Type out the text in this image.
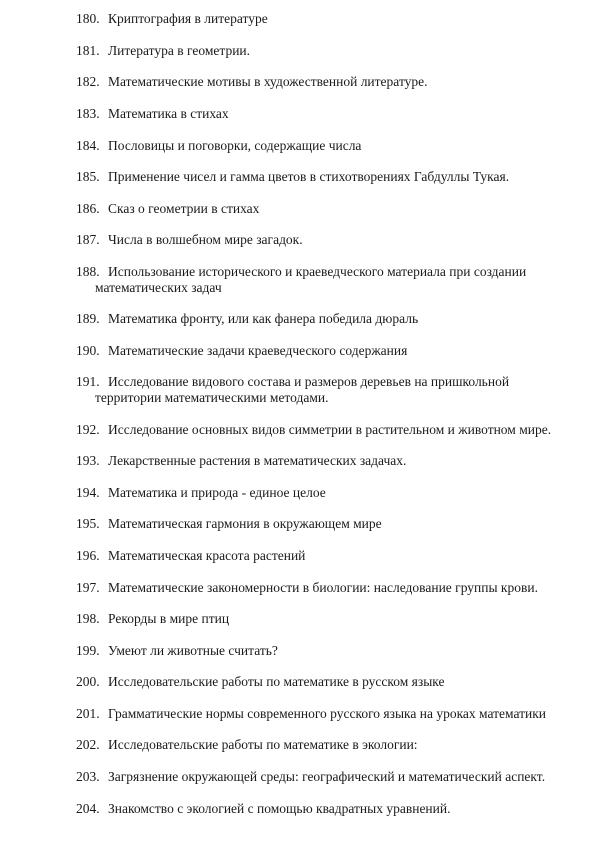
180. Криптография в литературе
181. Литература в геометрии.
182. Математические мотивы в художественной литературе.
183. Математика в стихах
184. Пословицы и поговорки, содержащие числа
185. Применение чисел и гамма цветов в стихотворениях Габдуллы Тукая.
186. Сказ о геометрии в стихах
187. Числа в волшебном мире загадок.
188. Использование исторического и краеведческого материала при создании
математических задач
189. Математика фронту, или как фанера победила дюраль
190. Математические задачи краеведческого содержания
191. Исследование видового состава и размеров деревьев на пришкольной
территории математическими методами.
192. Исследование основных видов симметрии в растительном и животном мире.
193. Лекарственные растения в математических задачах.
194. Математика и природа - единое целое
195. Математическая гармония в окружающем мире
196. Математическая красота растений
197. Математические закономерности в биологии: наследование группы крови.
198. Рекорды в мире птиц
199. Умеют ли животные считать?
200. Исследовательские работы по математике в русском языке
201. Грамматические нормы современного русского языка на уроках математики
202. Исследовательские работы по математике в экологии:
203. Загрязнение окружающей среды: географический и математический аспект.
204. Знакомство с экологией с помощью квадратных уравнений.
